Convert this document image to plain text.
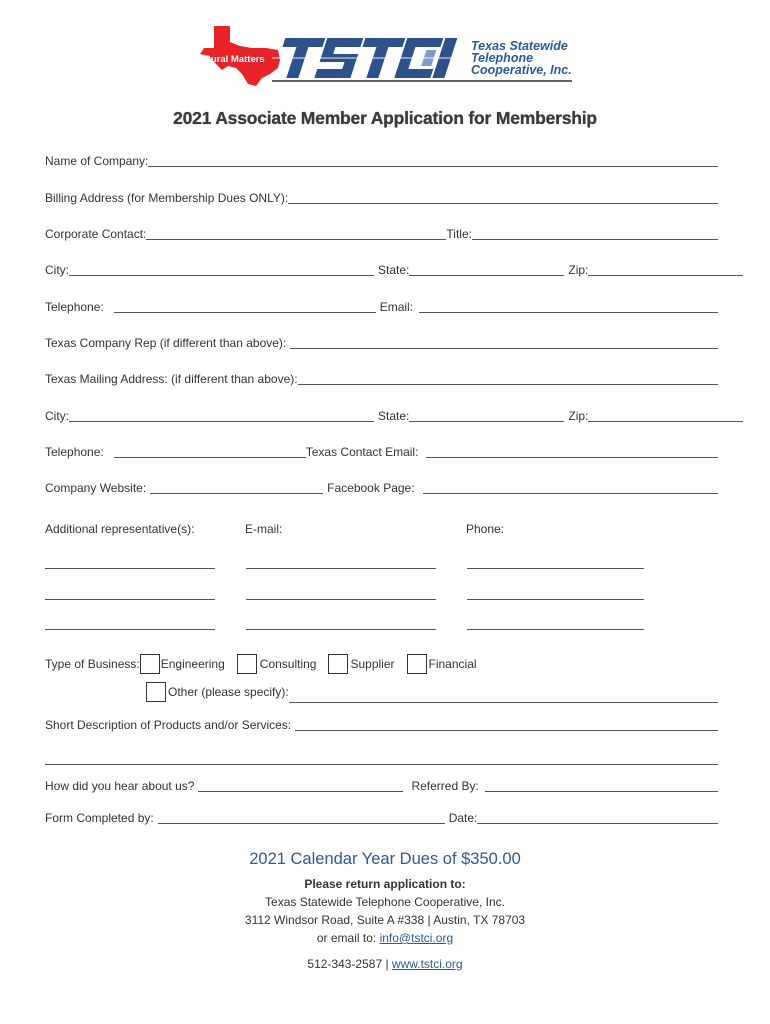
Rural Matters
Texas Statewide
Telephone
Cooperative, Inc.
2021 Associate Member Application for Membership
Name of Company:
Billing Address (for Membership Dues ONLY):
Corporate Contact:	Title:
City:	State:	Zip:
Telephone:	Email:
Texas Company Rep (if different than above):
Texas Mailing Address: (if different than above):
City:	State:	Zip:
Telephone:	Texas Contact Email:
Company Website:	Facebook Page:
Additional representative(s):	E-mail:	Phone:
Type of Business: Engineering	Consulting	Supplier	Financial
Other (please specify):
Short Description of Products and/or Services:
How did you hear about us?	Referred By:
Form Completed by:	Date:
2021 Calendar Year Dues of $350.00
Please return application to:
Texas Statewide Telephone Cooperative, Inc.
3112 Windsor Road, Suite A #338 | Austin, TX 78703
or email to: info@tstci.org
512-343-2587 | www.tstci.org
